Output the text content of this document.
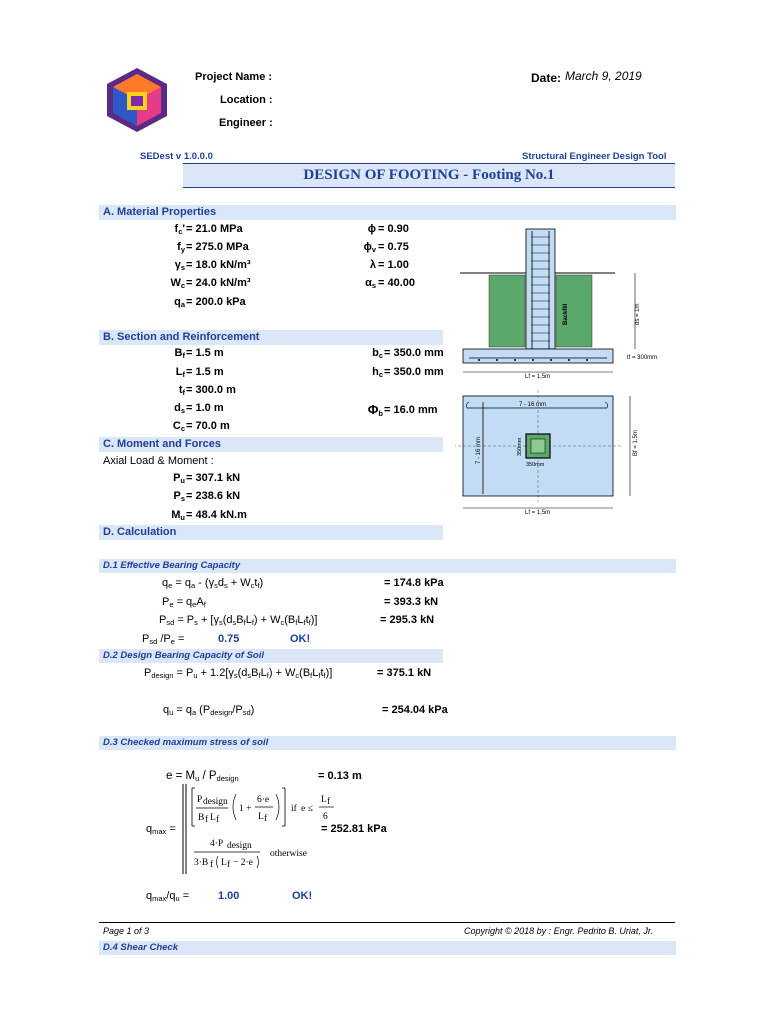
Project Name :
Location :
Engineer :
Date: March 9, 2019
SEDest v 1.0.0.0	Structural Engineer Design Tool
DESIGN OF FOOTING - Footing No.1
A. Material Properties
$f_c' = 21.0$ MPa
$f_y = 275.0$ MPa
$\gamma_s = 18.0$ kN/m³
$W_c = 24.0$ kN/m³
$q_a = 200.0$ kPa
ϕ = 0.90
$\phi_v = 0.75$
λ = 1.00
$\alpha_s = 40.00$
B. Section and Reinforcement
$B_f = 1.5$ m
$L_f = 1.5$ m
$t_f = 300.0$ m
$d_s = 1.0$ m
$C_c = 70.0$ m
$b_c = 350.0$ mm
$h_c = 350.0$ mm
$\Phi_b = 16.0$ mm
C. Moment and Forces
Axial Load & Moment :
$P_u = 307.1$ kN
$P_s = 238.6$ kN
$M_u = 48.4$ kN.m
D. Calculation
D.1 Effective Bearing Capacity
$q_e = q_a - (\gamma_sd_s + W_ct_f)$	= 174.8 kPa
$P_e = q_eA_f$	= 393.3 kN
$P_{sd} = P_s + [\gamma_s(d_sB_fL_f) + W_c(B_fL_ft_f)]$	= 295.3 kN
$P_{sd}$ $/P_e$ =	0.75	OK!
D.2 Design Bearing Capacity of Soil
$P_{design} = P_u + 1.2[\gamma_s(d_sB_fL_f) + W_c(B_fL_ft_f)]$	= 375.1 kN
$q_u = q_a$ $(P_{design}/P_{sd})$	= 254.04 kPa
D.3 Checked maximum stress of soil
$e = M_u / P_{design}$	= 0.13 m
$q_{max}$ =
P design
B f L f
1 +
6·e
L f
if e ≤
L f
6
4·P design
3·B f L f − 2·e
otherwise
= 252.81 kPa
$q_{max}/q_u$ =	1.00	OK!
Page 1 of 3	Copyright © 2018 by : Engr. Pedrito B. Uriat, Jr.
D.4 Shear Check
Backfill	ds = 1m
tf = 300mm
Lf = 1.5m
7 - 16 mm
7 - 16 mm	350mm
350mm
Bf = 1.5m
Lf = 1.5m
